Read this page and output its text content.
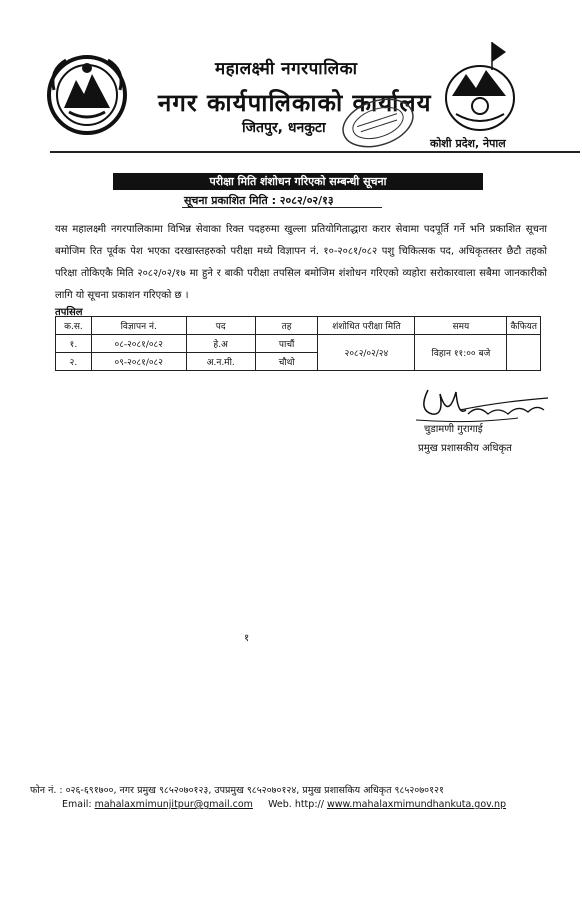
महालक्ष्मी नगरपालिका
नगर कार्यपालिकाको कार्यालय
जितपुर, धनकुटा
कोशी प्रदेश, नेपाल
परीक्षा मिति शंशोधन गरिएको सम्बन्धी सूचना
सूचना प्रकाशित मिति : २०८२/०२/१३
यस महालक्ष्मी नगरपालिकामा विभिन्न सेवाका रिक्त पदहरुमा खुल्ला प्रतियोगिताद्धारा करार सेवामा पदपूर्ति गर्ने भनि प्रकाशित सूचना बमोजिम रित पूर्वक पेश भएका दरखास्तहरुको परीक्षा मध्ये विज्ञापन नं. १०-२०८१/०८२ पशु चिकित्सक पद, अधिकृतस्तर छैटौ तहको परिक्षा तोकिएकै मिति २०८२/०२/१७ मा हुने र बाकी परीक्षा तपसिल बमोजिम शंशोधन गरिएको व्यहोरा सरोकारवाला सबैमा जानकारीको लागि यो सूचना प्रकाशन गरिएको छ ।
तपसिल
क.स.	विज्ञापन नं.	पद	तह	शंशोधित परीक्षा मिति	समय	कैफियत
१.	०८-२०८१/०८२	हे.अ	पाचौं	२०८२/०२/२४	विहान ११:०० बजे	
२.	०९-२०८१/०८२	अ.न.मी.	चौथो			
चुडामणी गुरागाई
प्रमुख प्रशासकीय अधिकृत
१
फोन नं. : ०२६-६९१७००, नगर प्रमुख ९८५२०७०१२३, उपप्रमुख ९८५२०७०१२४, प्रमुख प्रशासकिय अधिकृत ९८५२०७०१२१
Email: mahalaxmimunjitpur@gmail.com Web. http:// www.mahalaxmimundhankuta.gov.np
